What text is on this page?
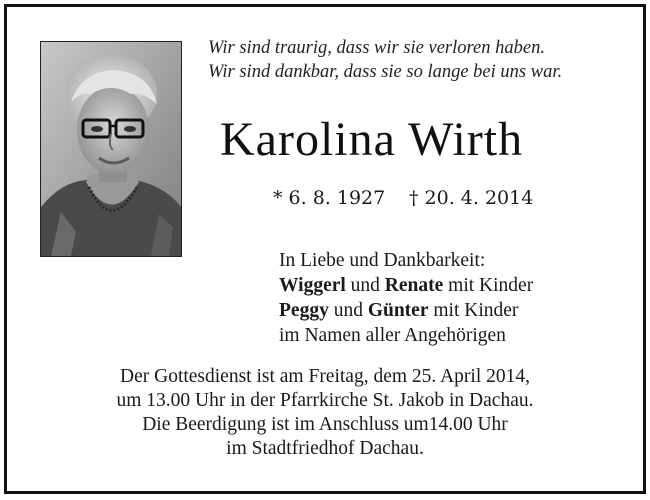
Wir sind traurig, dass wir sie verloren haben.
Wir sind dankbar, dass sie so lange bei uns war.
Karolina Wirth
* 6. 8. 1927 † 20. 4. 2014
In Liebe und Dankbarkeit:
Wiggerl und Renate mit Kinder
Peggy und Günter mit Kinder
im Namen aller Angehörigen
Der Gottesdienst ist am Freitag, dem 25. April 2014,
um 13.00 Uhr in der Pfarrkirche St. Jakob in Dachau.
Die Beerdigung ist im Anschluss um14.00 Uhr
im Stadtfriedhof Dachau.
